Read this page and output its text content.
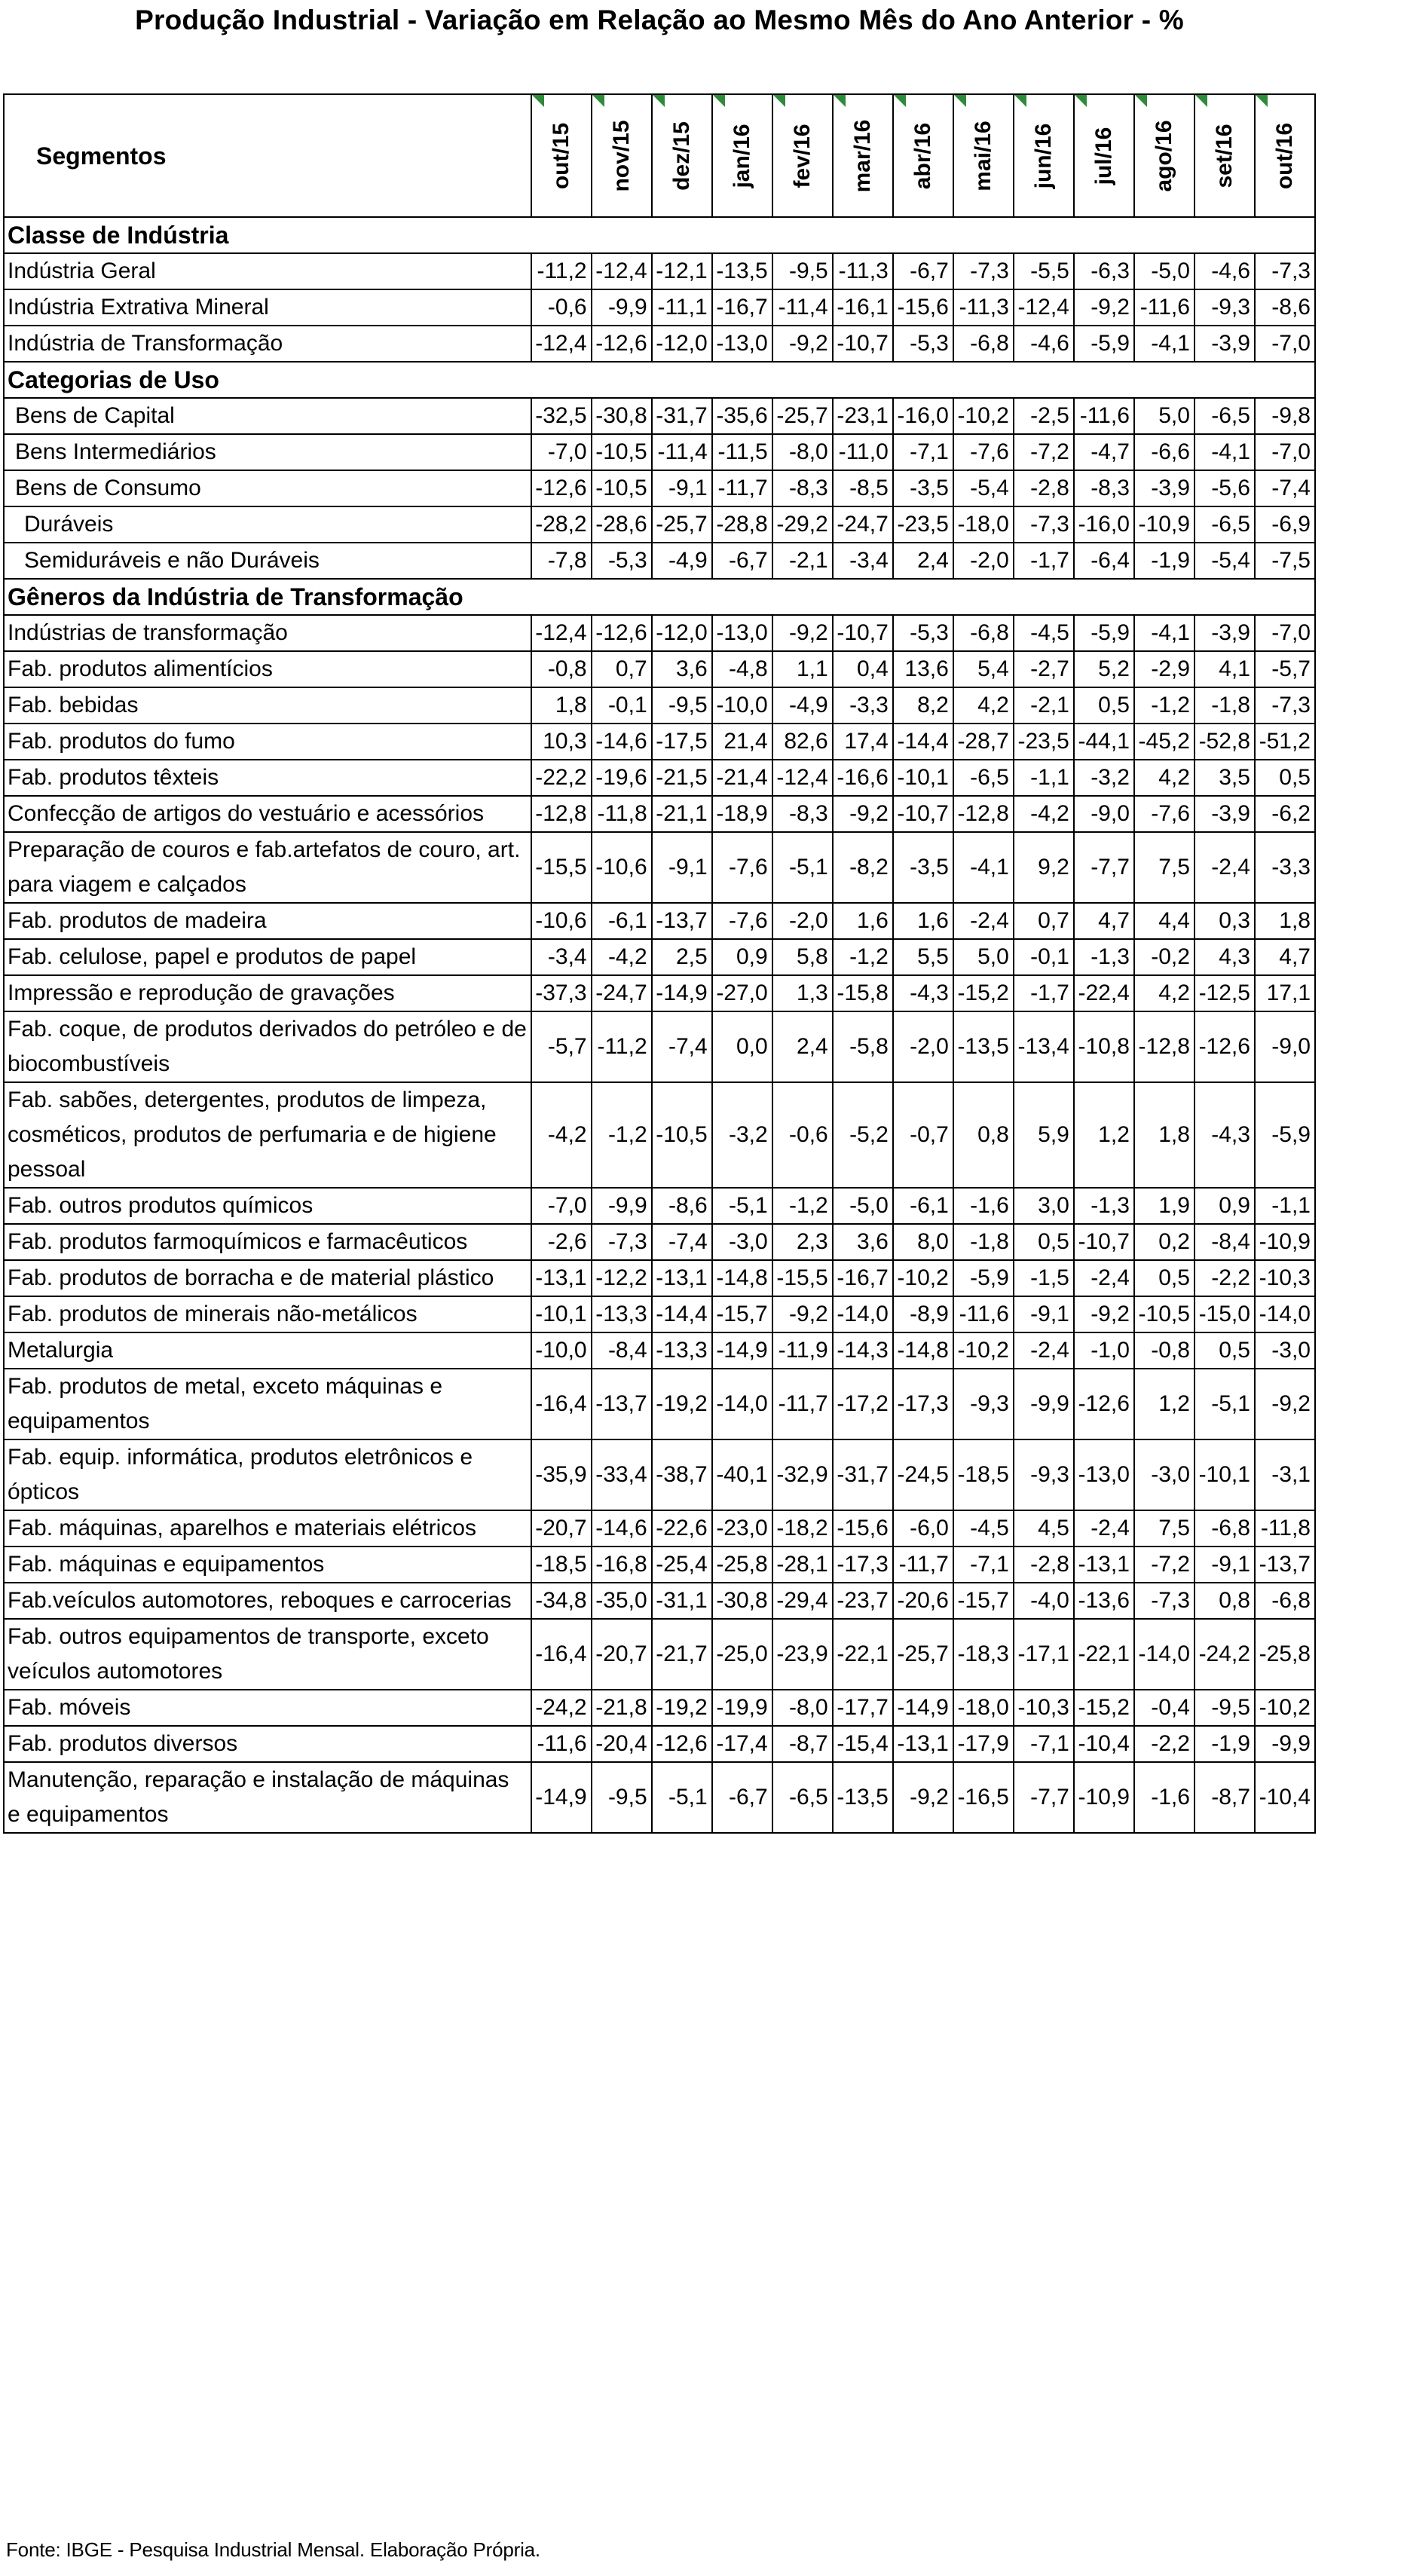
Produção Industrial - Variação em Relação ao Mesmo Mês do Ano Anterior - %
Segmentos	out/15	nov/15	dez/15	jan/16	fev/16	mar/16	abr/16	mai/16	jun/16	jul/16	ago/16	set/16	out/16

Classe de Indústria													
Indústria Geral	-11,2	-12,4	-12,1	-13,5	-9,5	-11,3	-6,7	-7,3	-5,5	-6,3	-5,0	-4,6	-7,3
Indústria Extrativa Mineral	-0,6	-9,9	-11,1	-16,7	-11,4	-16,1	-15,6	-11,3	-12,4	-9,2	-11,6	-9,3	-8,6
Indústria de Transformação	-12,4	-12,6	-12,0	-13,0	-9,2	-10,7	-5,3	-6,8	-4,6	-5,9	-4,1	-3,9	-7,0
Categorias de Uso													
Bens de Capital	-32,5	-30,8	-31,7	-35,6	-25,7	-23,1	-16,0	-10,2	-2,5	-11,6	5,0	-6,5	-9,8
Bens Intermediários	-7,0	-10,5	-11,4	-11,5	-8,0	-11,0	-7,1	-7,6	-7,2	-4,7	-6,6	-4,1	-7,0
Bens de Consumo	-12,6	-10,5	-9,1	-11,7	-8,3	-8,5	-3,5	-5,4	-2,8	-8,3	-3,9	-5,6	-7,4
Duráveis	-28,2	-28,6	-25,7	-28,8	-29,2	-24,7	-23,5	-18,0	-7,3	-16,0	-10,9	-6,5	-6,9
Semiduráveis e não Duráveis	-7,8	-5,3	-4,9	-6,7	-2,1	-3,4	2,4	-2,0	-1,7	-6,4	-1,9	-5,4	-7,5
Gêneros da Indústria de Transformação													
Indústrias de transformação	-12,4	-12,6	-12,0	-13,0	-9,2	-10,7	-5,3	-6,8	-4,5	-5,9	-4,1	-3,9	-7,0
Fab. produtos alimentícios	-0,8	0,7	3,6	-4,8	1,1	0,4	13,6	5,4	-2,7	5,2	-2,9	4,1	-5,7
Fab. bebidas	1,8	-0,1	-9,5	-10,0	-4,9	-3,3	8,2	4,2	-2,1	0,5	-1,2	-1,8	-7,3
Fab. produtos do fumo	10,3	-14,6	-17,5	21,4	82,6	17,4	-14,4	-28,7	-23,5	-44,1	-45,2	-52,8	-51,2
Fab. produtos têxteis	-22,2	-19,6	-21,5	-21,4	-12,4	-16,6	-10,1	-6,5	-1,1	-3,2	4,2	3,5	0,5
Confecção de artigos do vestuário e acessórios	-12,8	-11,8	-21,1	-18,9	-8,3	-9,2	-10,7	-12,8	-4,2	-9,0	-7,6	-3,9	-6,2
Preparação de couros e fab.artefatos de couro, art. para viagem e calçados	-15,5	-10,6	-9,1	-7,6	-5,1	-8,2	-3,5	-4,1	9,2	-7,7	7,5	-2,4	-3,3
Fab. produtos de madeira	-10,6	-6,1	-13,7	-7,6	-2,0	1,6	1,6	-2,4	0,7	4,7	4,4	0,3	1,8
Fab. celulose, papel e produtos de papel	-3,4	-4,2	2,5	0,9	5,8	-1,2	5,5	5,0	-0,1	-1,3	-0,2	4,3	4,7
Impressão e reprodução de gravações	-37,3	-24,7	-14,9	-27,0	1,3	-15,8	-4,3	-15,2	-1,7	-22,4	4,2	-12,5	17,1
Fab. coque, de produtos derivados do petróleo e de biocombustíveis	-5,7	-11,2	-7,4	0,0	2,4	-5,8	-2,0	-13,5	-13,4	-10,8	-12,8	-12,6	-9,0
Fab. sabões, detergentes, produtos de limpeza, cosméticos, produtos de perfumaria e de higiene pessoal	-4,2	-1,2	-10,5	-3,2	-0,6	-5,2	-0,7	0,8	5,9	1,2	1,8	-4,3	-5,9
Fab. outros produtos químicos	-7,0	-9,9	-8,6	-5,1	-1,2	-5,0	-6,1	-1,6	3,0	-1,3	1,9	0,9	-1,1
Fab. produtos farmoquímicos e farmacêuticos	-2,6	-7,3	-7,4	-3,0	2,3	3,6	8,0	-1,8	0,5	-10,7	0,2	-8,4	-10,9
Fab. produtos de borracha e de material plástico	-13,1	-12,2	-13,1	-14,8	-15,5	-16,7	-10,2	-5,9	-1,5	-2,4	0,5	-2,2	-10,3
Fab. produtos de minerais não-metálicos	-10,1	-13,3	-14,4	-15,7	-9,2	-14,0	-8,9	-11,6	-9,1	-9,2	-10,5	-15,0	-14,0
Metalurgia	-10,0	-8,4	-13,3	-14,9	-11,9	-14,3	-14,8	-10,2	-2,4	-1,0	-0,8	0,5	-3,0
Fab. produtos de metal, exceto máquinas e equipamentos	-16,4	-13,7	-19,2	-14,0	-11,7	-17,2	-17,3	-9,3	-9,9	-12,6	1,2	-5,1	-9,2
Fab. equip. informática, produtos eletrônicos e ópticos	-35,9	-33,4	-38,7	-40,1	-32,9	-31,7	-24,5	-18,5	-9,3	-13,0	-3,0	-10,1	-3,1
Fab. máquinas, aparelhos e materiais elétricos	-20,7	-14,6	-22,6	-23,0	-18,2	-15,6	-6,0	-4,5	4,5	-2,4	7,5	-6,8	-11,8
Fab. máquinas e equipamentos	-18,5	-16,8	-25,4	-25,8	-28,1	-17,3	-11,7	-7,1	-2,8	-13,1	-7,2	-9,1	-13,7
Fab.veículos automotores, reboques e carrocerias	-34,8	-35,0	-31,1	-30,8	-29,4	-23,7	-20,6	-15,7	-4,0	-13,6	-7,3	0,8	-6,8
Fab. outros equipamentos de transporte, exceto veículos automotores	-16,4	-20,7	-21,7	-25,0	-23,9	-22,1	-25,7	-18,3	-17,1	-22,1	-14,0	-24,2	-25,8
Fab. móveis	-24,2	-21,8	-19,2	-19,9	-8,0	-17,7	-14,9	-18,0	-10,3	-15,2	-0,4	-9,5	-10,2
Fab. produtos diversos	-11,6	-20,4	-12,6	-17,4	-8,7	-15,4	-13,1	-17,9	-7,1	-10,4	-2,2	-1,9	-9,9
Manutenção, reparação e instalação de máquinas e equipamentos	-14,9	-9,5	-5,1	-6,7	-6,5	-13,5	-9,2	-16,5	-7,7	-10,9	-1,6	-8,7	-10,4
Fonte: IBGE - Pesquisa Industrial Mensal. Elaboração Própria.
